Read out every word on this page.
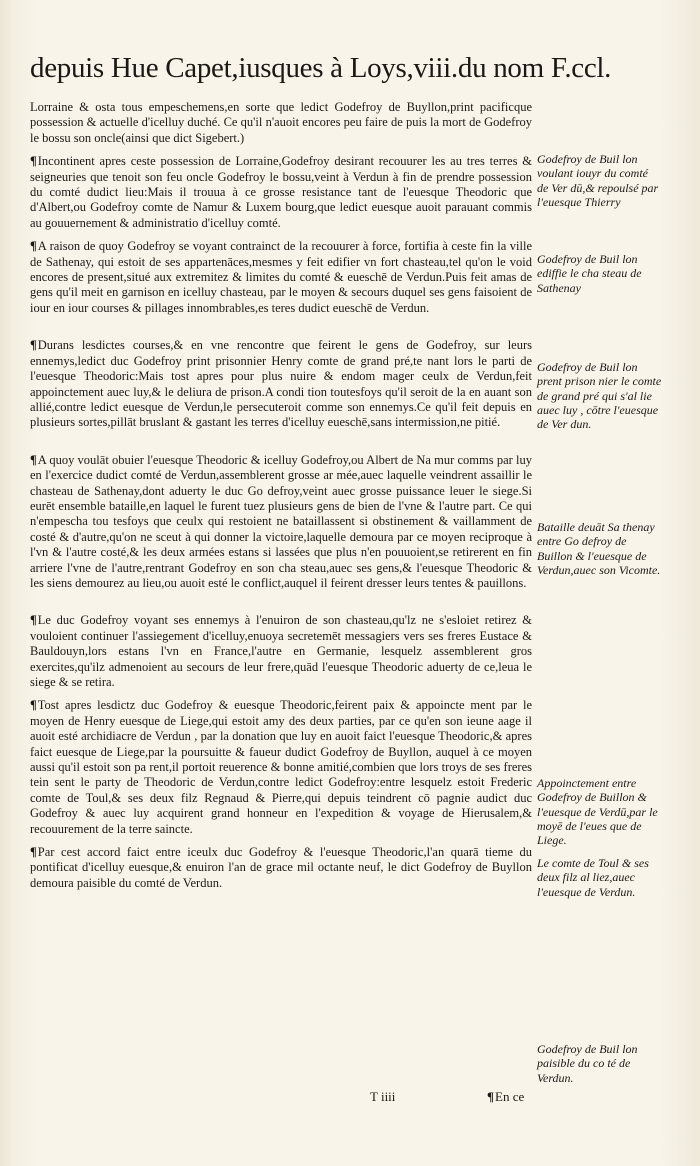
depuis Hue Capet,iusques à Loys,viii.du nom F.ccl.

Lorraine & osta tous empeschemens,en sorte que ledict Godefroy de Buyllon,print pacificque possession & actuelle d'icelluy duché. Ce qu'il n'auoit encores peu faire de puis la mort de Godefroy le bossu son oncle(ainsi que dict Sigebert.)

¶Incontinent apres ceste possession de Lorraine,Godefroy desirant recouurer les au tres terres & seigneuries que tenoit son feu oncle Godefroy le bossu,veint à Verdun à fin de prendre possession du comté dudict lieu:Mais il trouua à ce grosse resistance tant de l'euesque Theodoric que d'Albert,ou Godefroy comte de Namur & Luxem bourg,que ledict euesque auoit parauant commis au gouuernement & administratio d'icelluy comté.

¶A raison de quoy Godefroy se voyant contrainct de la recouurer à force, fortifia à ceste fin la ville de Sathenay, qui estoit de ses appartenāces,mesmes y feit edifier vn fort chasteau,tel qu'on le void encores de present,situé aux extremitez & limites du comté & eueschē de Verdun.Puis feit amas de gens qu'il meit en garnison en icelluy chasteau, par le moyen & secours duquel ses gens faisoient de iour en iour courses & pillages innombrables,es teres dudict eueschē de Verdun.

¶Durans lesdictes courses,& en vne rencontre que feirent le gens de Godefroy, sur leurs ennemys,ledict duc Godefroy print prisonnier Henry comte de grand pré,te nant lors le parti de l'euesque Theodoric:Mais tost apres pour plus nuire & endom mager ceulx de Verdun,feit appoinctement auec luy,& le deliura de prison.A condi tion toutesfoys qu'il seroit de la en auant son allié,contre ledict euesque de Verdun,le persecuteroit comme son ennemys.Ce qu'il feit depuis en plusieurs sortes,pillāt bruslant & gastant les terres d'icelluy eueschē,sans intermission,ne pitié.

¶A quoy voulāt obuier l'euesque Theodoric & icelluy Godefroy,ou Albert de Na mur comms par luy en l'exercice dudict comté de Verdun,assemblerent grosse ar mée,auec laquelle veindrent assaillir le chasteau de Sathenay,dont aduerty le duc Go defroy,veint auec grosse puissance leuer le siege.Si eurēt ensemble bataille,en laquel le furent tuez plusieurs gens de bien de l'vne & l'autre part. Ce qui n'empescha tou tesfoys que ceulx qui restoient ne bataillassent si obstinement & vaillamment de costé & d'autre,qu'on ne sceut à qui donner la victoire,laquelle demoura par ce moyen reciproque à l'vn & l'autre costé,& les deux armées estans si lassées que plus n'en pouuoient,se retirerent en fin arriere l'vne de l'autre,rentrant Godefroy en son cha steau,auec ses gens,& l'euesque Theodoric & les siens demourez au lieu,ou auoit esté le conflict,auquel il feirent dresser leurs tentes & pauillons.

¶Le duc Godefroy voyant ses ennemys à l'enuiron de son chasteau,qu'lz ne s'esloiet retirez & vouloient continuer l'assiegement d'icelluy,enuoya secretemēt messagiers vers ses freres Eustace & Bauldouyn,lors estans l'vn en France,l'autre en Germanie, lesquelz assemblerent gros exercites,qu'ilz admenoient au secours de leur frere,quād l'euesque Theodoric aduerty de ce,leua le siege & se retira.

¶Tost apres lesdictz duc Godefroy & euesque Theodoric,feirent paix & appoincte ment par le moyen de Henry euesque de Liege,qui estoit amy des deux parties, par ce qu'en son ieune aage il auoit esté archidiacre de Verdun , par la donation que luy en auoit faict l'euesque Theodoric,& apres faict euesque de Liege,par la poursuitte & faueur dudict Godefroy de Buyllon, auquel à ce moyen aussi qu'il estoit son pa rent,il portoit reuerence & bonne amitié,combien que lors troys de ses freres tein sent le party de Theodoric de Verdun,contre ledict Godefroy:entre lesquelz estoit Frederic comte de Toul,& ses deux filz Regnaud & Pierre,qui depuis teindrent cō pagnie audict duc Godefroy & auec luy acquirent grand honneur en l'expedition & voyage de Hierusalem,& recouurement de la terre saincte.

¶Par cest accord faict entre iceulx duc Godefroy & l'euesque Theodoric,l'an quarā tieme du pontificat d'icelluy euesque,& enuiron l'an de grace mil octante neuf, le dict Godefroy de Buyllon demoura paisible du comté de Verdun.

Godefroy de Buil lon voulant iouyr du comté de Ver dū,& repoulsé par l'euesque Thierry
Godefroy de Buil lon ediffie le cha steau de Sathenay
Godefroy de Buil lon prent prison nier le comte de grand pré qui s'al lie auec luy , cōtre l'euesque de Ver dun.
Bataille deuāt Sa thenay entre Go defroy de Buillon & l'euesque de Verdun,auec son Vicomte.
Appoinctement entre Godefroy de Buillon & l'euesque de Verdū,par le moyē de l'eues que de Liege.
Le comte de Toul & ses deux filz al liez,auec l'euesque de Verdun.
Godefroy de Buil lon paisible du co té de Verdun.
T iiii	¶En ce
